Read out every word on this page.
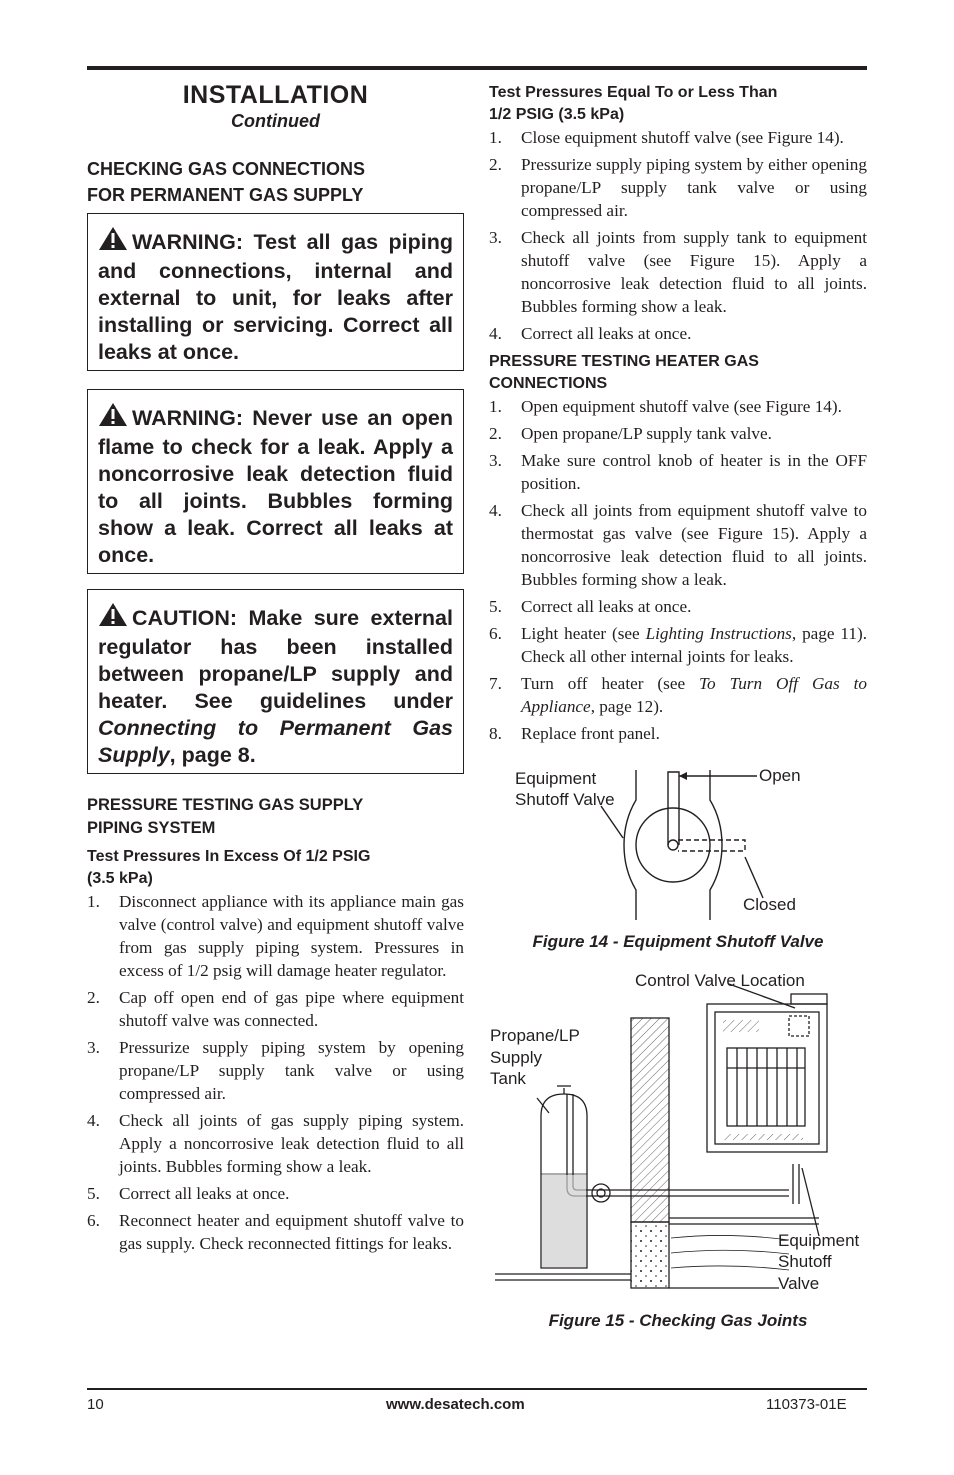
INSTALLATION

Continued

CHECKING GAS CONNECTIONS

FOR PERMANENT GAS SUPPLY

WARNING: Test all gas piping and connections, internal and external to unit, for leaks after installing or servicing. Correct all leaks at once.
WARNING: Never use an open flame to check for a leak. Apply a noncorrosive leak detection fluid to all joints. Bubbles forming show a leak. Correct all leaks at once.
CAUTION: Make sure external regulator has been installed between propane/LP supply and heater. See guidelines under Connecting to Permanent Gas Supply, page 8.

PRESSURE TESTING GAS SUPPLY

PIPING SYSTEM

Test Pressures In Excess Of 1/2 PSIG

(3.5 kPa)

1. Disconnect appliance with its appliance main gas valve (control valve) and equipment shutoff valve from gas supply piping system. Pressures in excess of 1/2 psig will damage heater regulator.
2. Cap off open end of gas pipe where equipment shutoff valve was connected.
3. Pressurize supply piping system by opening propane/LP supply tank valve or using compressed air.
4. Check all joints of gas supply piping system. Apply a noncorrosive leak detection fluid to all joints. Bubbles forming show a leak.
5. Correct all leaks at once.
6. Reconnect heater and equipment shutoff valve to gas supply. Check reconnected fittings for leaks.

Test Pressures Equal To or Less Than

1/2 PSIG (3.5 kPa)

1. Close equipment shutoff valve (see Figure 14).
2. Pressurize supply piping system by either opening propane/LP supply tank valve or using compressed air.
3. Check all joints from supply tank to equipment shutoff valve (see Figure 15). Apply a noncorrosive leak detection fluid to all joints. Bubbles forming show a leak.
4. Correct all leaks at once.

PRESSURE TESTING HEATER GAS

CONNECTIONS

1. Open equipment shutoff valve (see Figure 14).
2. Open propane/LP supply tank valve.
3. Make sure control knob of heater is in the OFF position.
4. Check all joints from equipment shutoff valve to thermostat gas valve (see Figure 15). Apply a noncorrosive leak detection fluid to all joints. Bubbles forming show a leak.
5. Correct all leaks at once.
6. Light heater (see Lighting Instructions, page 11). Check all other internal joints for leaks.
7. Turn off heater (see To Turn Off Gas to Appliance, page 12).
8. Replace front panel.
Equipment
Shutoff Valve
Open
Closed
Figure 14 - Equipment Shutoff Valve
Control Valve Location
Propane/LP
Supply
Tank
Equipment
Shutoff
Valve
Figure 15 - Checking Gas Joints
10	www.desatech.com	110373-01E
